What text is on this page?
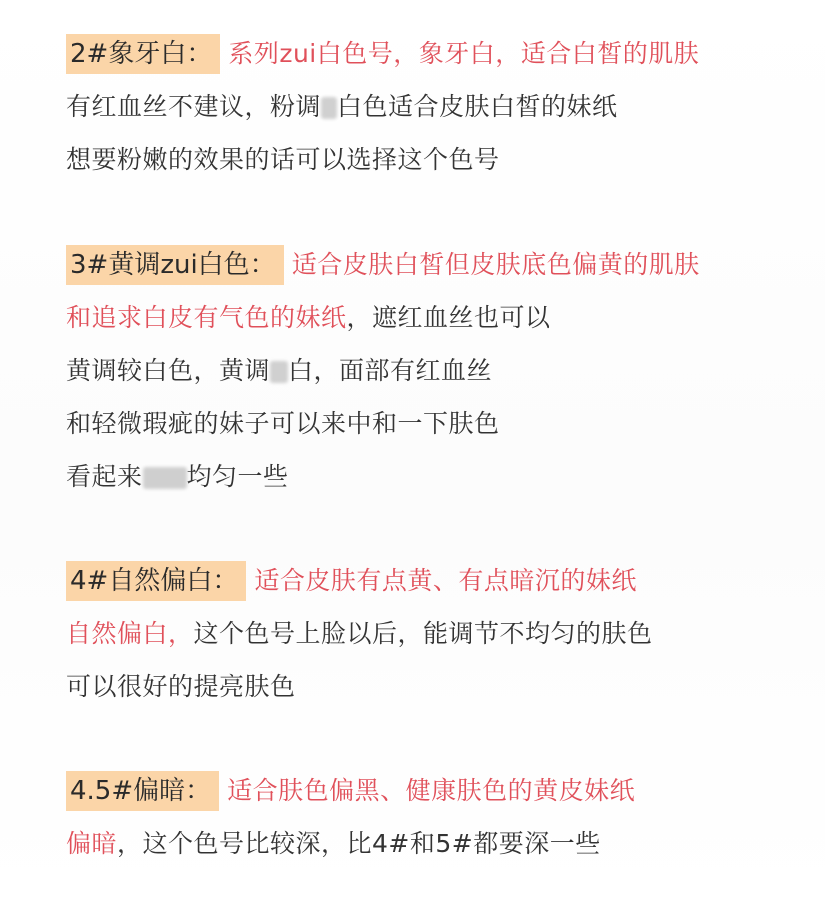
2#象牙白： 系列zui白色号，象牙白，适合白皙的肌肤
有红血丝不建议，粉调 白色适合皮肤白皙的妹纸
想要粉嫩的效果的话可以选择这个色号
3#黄调zui白色： 适合皮肤白皙但皮肤底色偏黄的肌肤
和追求白皮有气色的妹纸，遮红血丝也可以
黄调较白色，黄调 白，面部有红血丝
和轻微瑕疵的妹子可以来中和一下肤色
看起来 均匀一些
4#自然偏白： 适合皮肤有点黄、有点暗沉的妹纸
自然偏白，这个色号上脸以后，能调节不均匀的肤色
可以很好的提亮肤色
4.5#偏暗： 适合肤色偏黑、健康肤色的黄皮妹纸
偏暗，这个色号比较深，比4#和5#都要深一些
